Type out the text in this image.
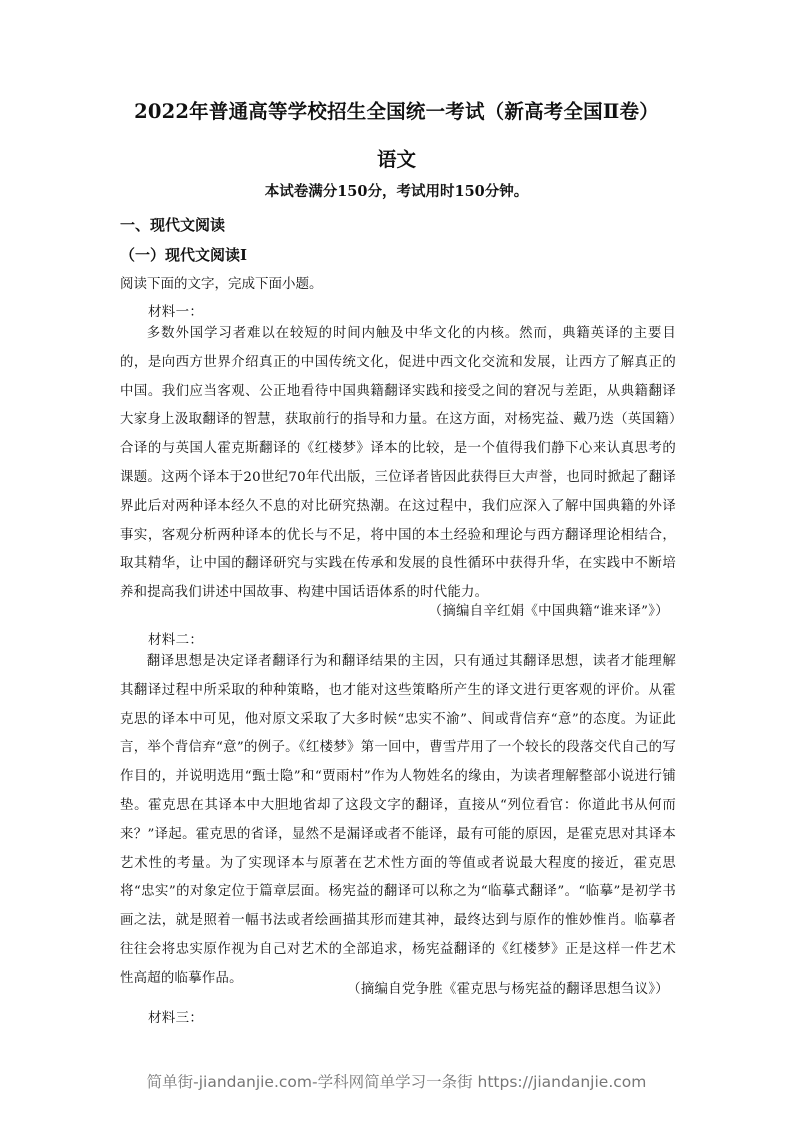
2022年普通高等学校招生全国统一考试（新高考全国Ⅱ卷）
语文
本试卷满分150分，考试用时150分钟。
一、现代文阅读
（一）现代文阅读Ⅰ
阅读下面的文字，完成下面小题。
材料一：

多数外国学习者难以在较短的时间内触及中华文化的内核。然而，典籍英译的主要目的，是向西方世界介绍真正的中国传统文化，促进中西文化交流和发展，让西方了解真正的中国。我们应当客观、公正地看待中国典籍翻译实践和接受之间的窘况与差距，从典籍翻译大家身上汲取翻译的智慧，获取前行的指导和力量。在这方面，对杨宪益、戴乃迭（英国籍）合译的与英国人霍克斯翻译的《红楼梦》译本的比较，是一个值得我们静下心来认真思考的课题。这两个译本于20世纪70年代出版，三位译者皆因此获得巨大声誉，也同时掀起了翻译界此后对两种译本经久不息的对比研究热潮。在这过程中，我们应深入了解中国典籍的外译事实，客观分析两种译本的优长与不足，将中国的本土经验和理论与西方翻译理论相结合，取其精华，让中国的翻译研究与实践在传承和发展的良性循环中获得升华，在实践中不断培养和提高我们讲述中国故事、构建中国话语体系的时代能力。

（摘编自辛红娟《中国典籍“谁来译”》）
材料二：

翻译思想是决定译者翻译行为和翻译结果的主因，只有通过其翻译思想，读者才能理解其翻译过程中所采取的种种策略，也才能对这些策略所产生的译文进行更客观的评价。从霍克思的译本中可见，他对原文采取了大多时候“忠实不渝”、间或背信弃“意”的态度。为证此言，举个背信弃“意”的例子。《红楼梦》第一回中，曹雪芹用了一个较长的段落交代自己的写作目的，并说明选用“甄士隐”和“贾雨村”作为人物姓名的缘由，为读者理解整部小说进行铺垫。霍克思在其译本中大胆地省却了这段文字的翻译，直接从“列位看官：你道此书从何而来？”译起。霍克思的省译，显然不是漏译或者不能译，最有可能的原因，是霍克思对其译本艺术性的考量。为了实现译本与原著在艺术性方面的等值或者说最大程度的接近，霍克思将“忠实”的对象定位于篇章层面。杨宪益的翻译可以称之为“临摹式翻译”。“临摹”是初学书画之法，就是照着一幅书法或者绘画描其形而建其神，最终达到与原作的惟妙惟肖。临摹者往往会将忠实原作视为自己对艺术的全部追求，杨宪益翻译的《红楼梦》正是这样一件艺术性高超的临摹作品。

（摘编自党争胜《霍克思与杨宪益的翻译思想刍议》）
材料三：
简单街-jiandanjie.com-学科网简单学习一条街 https://jiandanjie.com
